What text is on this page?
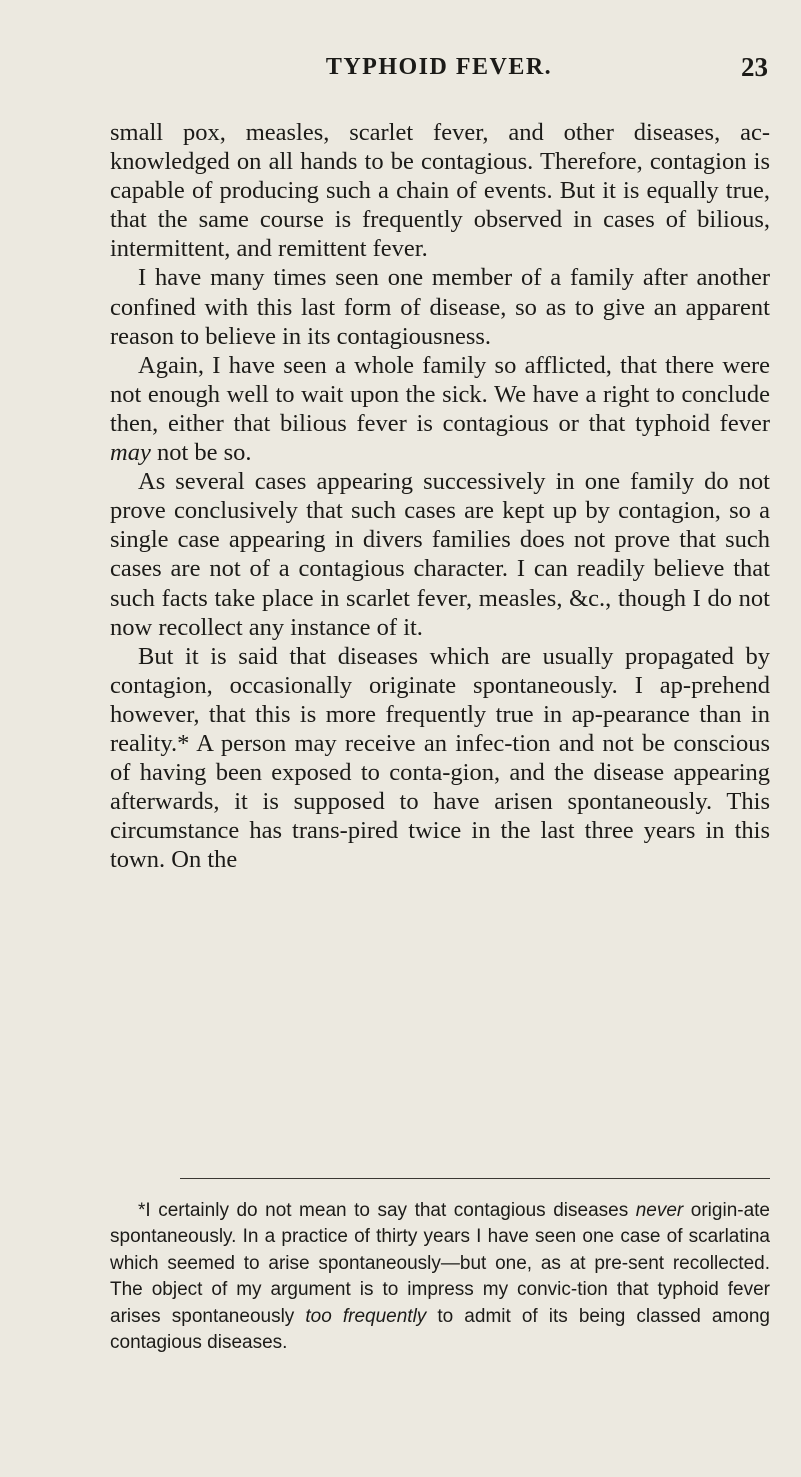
TYPHOID FEVER.	23

small pox, measles, scarlet fever, and other diseases, ac-knowledged on all hands to be contagious. Therefore, contagion is capable of producing such a chain of events. But it is equally true, that the same course is frequently observed in cases of bilious, intermittent, and remittent fever.

I have many times seen one member of a family after another confined with this last form of disease, so as to give an apparent reason to believe in its contagiousness.

Again, I have seen a whole family so afflicted, that there were not enough well to wait upon the sick. We have a right to conclude then, either that bilious fever is contagious or that typhoid fever may not be so.

As several cases appearing successively in one family do not prove conclusively that such cases are kept up by contagion, so a single case appearing in divers families does not prove that such cases are not of a contagious character. I can readily believe that such facts take place in scarlet fever, measles, &c., though I do not now recollect any instance of it.

But it is said that diseases which are usually propagated by contagion, occasionally originate spontaneously. I ap-prehend however, that this is more frequently true in ap-pearance than in reality.* A person may receive an infec-tion and not be conscious of having been exposed to conta-gion, and the disease appearing afterwards, it is supposed to have arisen spontaneously. This circumstance has trans-pired twice in the last three years in this town. On the

*I certainly do not mean to say that contagious diseases never origin-ate spontaneously. In a practice of thirty years I have seen one case of scarlatina which seemed to arise spontaneously—but one, as at pre-sent recollected. The object of my argument is to impress my convic-tion that typhoid fever arises spontaneously too frequently to admit of its being classed among contagious diseases.
